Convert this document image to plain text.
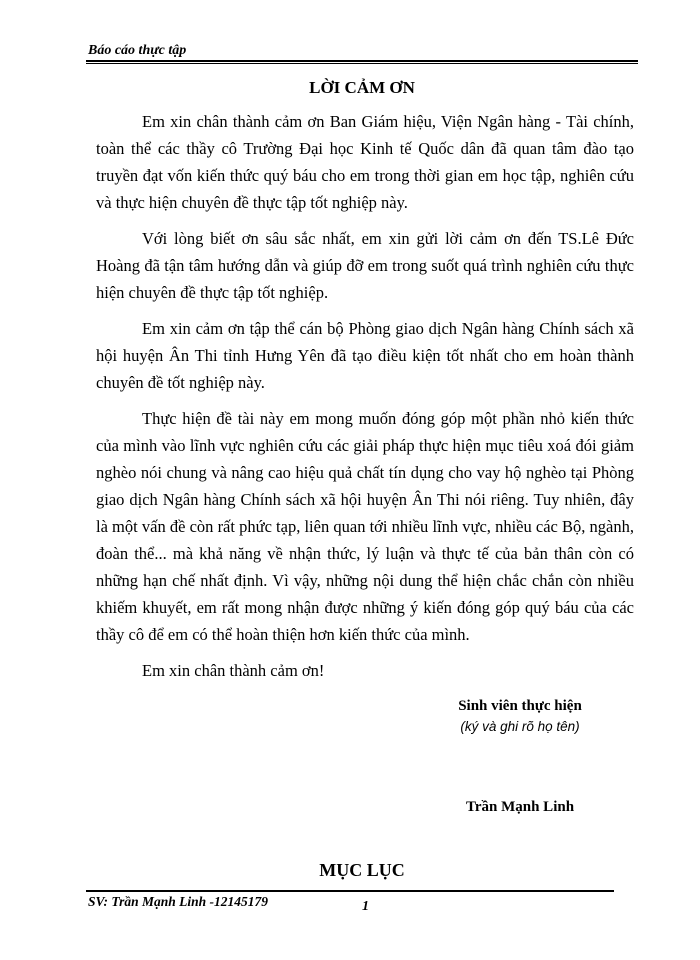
Báo cáo thực tập
LỜI CẢM ƠN

Em xin chân thành cảm ơn Ban Giám hiệu, Viện Ngân hàng - Tài chính, toàn thể các thầy cô Trường Đại học Kinh tế Quốc dân đã quan tâm đào tạo truyền đạt vốn kiến thức quý báu cho em trong thời gian em học tập, nghiên cứu và thực hiện chuyên đề thực tập tốt nghiệp này.

Với lòng biết ơn sâu sắc nhất, em xin gửi lời cảm ơn đến TS.Lê Đức Hoàng đã tận tâm hướng dẫn và giúp đỡ em trong suốt quá trình nghiên cứu thực hiện chuyên đề thực tập tốt nghiệp.

Em xin cảm ơn tập thể cán bộ Phòng giao dịch Ngân hàng Chính sách xã hội huyện Ân Thi tỉnh Hưng Yên đã tạo điều kiện tốt nhất cho em hoàn thành chuyên đề tốt nghiệp này.

Thực hiện đề tài này em mong muốn đóng góp một phần nhỏ kiến thức của mình vào lĩnh vực nghiên cứu các giải pháp thực hiện mục tiêu xoá đói giảm nghèo nói chung và nâng cao hiệu quả chất tín dụng cho vay hộ nghèo tại Phòng giao dịch Ngân hàng Chính sách xã hội huyện Ân Thi nói riêng. Tuy nhiên, đây là một vấn đề còn rất phức tạp, liên quan tới nhiều lĩnh vực, nhiều các Bộ, ngành, đoàn thể... mà khả năng về nhận thức, lý luận và thực tế của bản thân còn có những hạn chế nhất định. Vì vậy, những nội dung thể hiện chắc chắn còn nhiều khiếm khuyết, em rất mong nhận được những ý kiến đóng góp quý báu của các thầy cô để em có thể hoàn thiện hơn kiến thức của mình.

Em xin chân thành cảm ơn!

Sinh viên thực hiện
(ký và ghi rõ họ tên)
Trần Mạnh Linh
MỤC LỤC
SV: Trần Mạnh Linh -12145179	1
